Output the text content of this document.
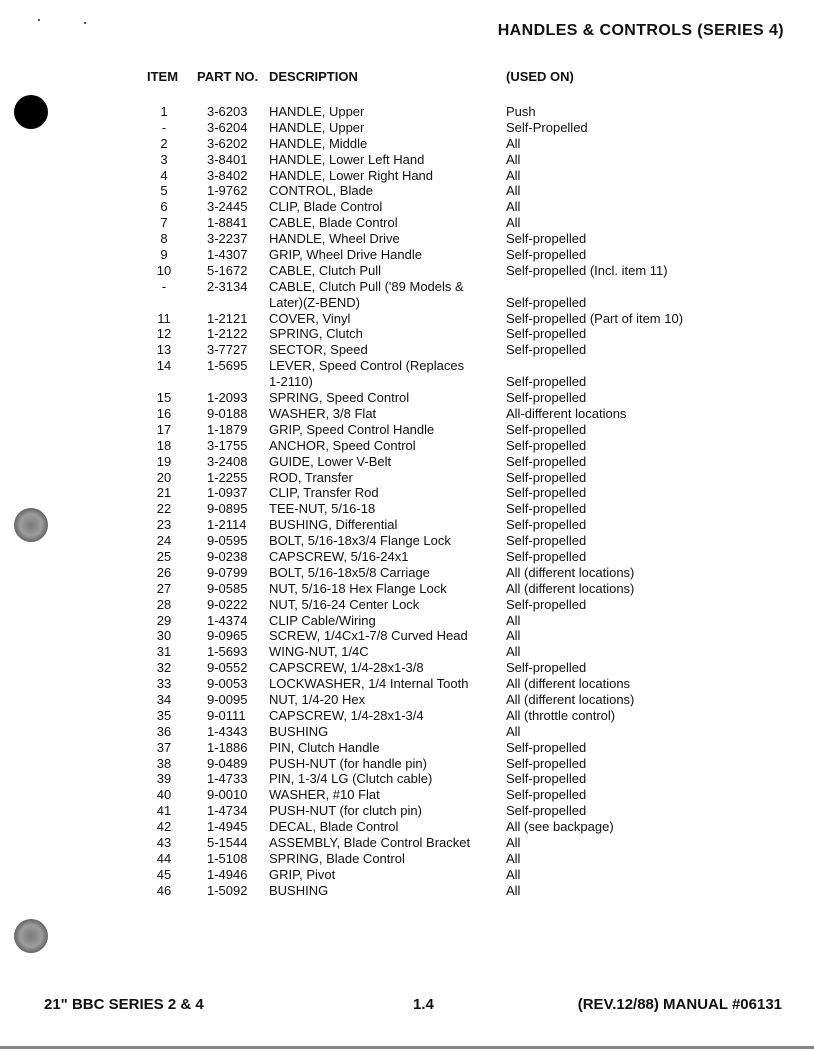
HANDLES & CONTROLS (SERIES 4)
ITEM PART NO. DESCRIPTION	(USED ON)
1	3-6203 HANDLE, Upper	Push
-	3-6204 HANDLE, Upper	Self-Propelled
2	3-6202 HANDLE, Middle	All
3	3-8401 HANDLE, Lower Left Hand	All
4	3-8402 HANDLE, Lower Right Hand	All
5	1-9762 CONTROL, Blade	All
6	3-2445 CLIP, Blade Control	All
7	1-8841 CABLE, Blade Control	All
8	3-2237 HANDLE, Wheel Drive	Self-propelled
9	1-4307 GRIP, Wheel Drive Handle	Self-propelled
10	5-1672 CABLE, Clutch Pull	Self-propelled (Incl. item 11)
-	2-3134 CABLE, Clutch Pull ('89 Models &
Later)(Z-BEND)	Self-propelled
11	1-2121 COVER, Vinyl	Self-propelled (Part of item 10)
12	1-2122 SPRING, Clutch	Self-propelled
13	3-7727 SECTOR, Speed	Self-propelled
14	1-5695 LEVER, Speed Control (Replaces
1-2110)	Self-propelled
15	1-2093 SPRING, Speed Control	Self-propelled
16	9-0188 WASHER, 3/8 Flat	All-different locations
17	1-1879 GRIP, Speed Control Handle	Self-propelled
18	3-1755 ANCHOR, Speed Control	Self-propelled
19	3-2408 GUIDE, Lower V-Belt	Self-propelled
20	1-2255 ROD, Transfer	Self-propelled
21	1-0937 CLIP, Transfer Rod	Self-propelled
22	9-0895 TEE-NUT, 5/16-18	Self-propelled
23	1-2114 BUSHING, Differential	Self-propelled
24	9-0595 BOLT, 5/16-18x3/4 Flange Lock	Self-propelled
25	9-0238 CAPSCREW, 5/16-24x1	Self-propelled
26	9-0799 BOLT, 5/16-18x5/8 Carriage	All (different locations)
27	9-0585 NUT, 5/16-18 Hex Flange Lock	All (different locations)
28	9-0222 NUT, 5/16-24 Center Lock	Self-propelled
29	1-4374 CLIP Cable/Wiring	All
30	9-0965 SCREW, 1/4Cx1-7/8 Curved Head	All
31	1-5693 WING-NUT, 1/4C	All
32	9-0552 CAPSCREW, 1/4-28x1-3/8	Self-propelled
33	9-0053 LOCKWASHER, 1/4 Internal Tooth	All (different locations
34	9-0095 NUT, 1/4-20 Hex	All (different locations)
35	9-0111 CAPSCREW, 1/4-28x1-3/4	All (throttle control)
36	1-4343 BUSHING	All
37	1-1886 PIN, Clutch Handle	Self-propelled
38	9-0489 PUSH-NUT (for handle pin)	Self-propelled
39	1-4733 PIN, 1-3/4 LG (Clutch cable)	Self-propelled
40	9-0010 WASHER, #10 Flat	Self-propelled
41	1-4734 PUSH-NUT (for clutch pin)	Self-propelled
42	1-4945 DECAL, Blade Control	All (see backpage)
43	5-1544 ASSEMBLY, Blade Control Bracket	All
44	1-5108 SPRING, Blade Control	All
45	1-4946 GRIP, Pivot	All
46	1-5092 BUSHING	All
21" BBC SERIES 2 & 4	1.4	(REV.12/88) MANUAL #06131
